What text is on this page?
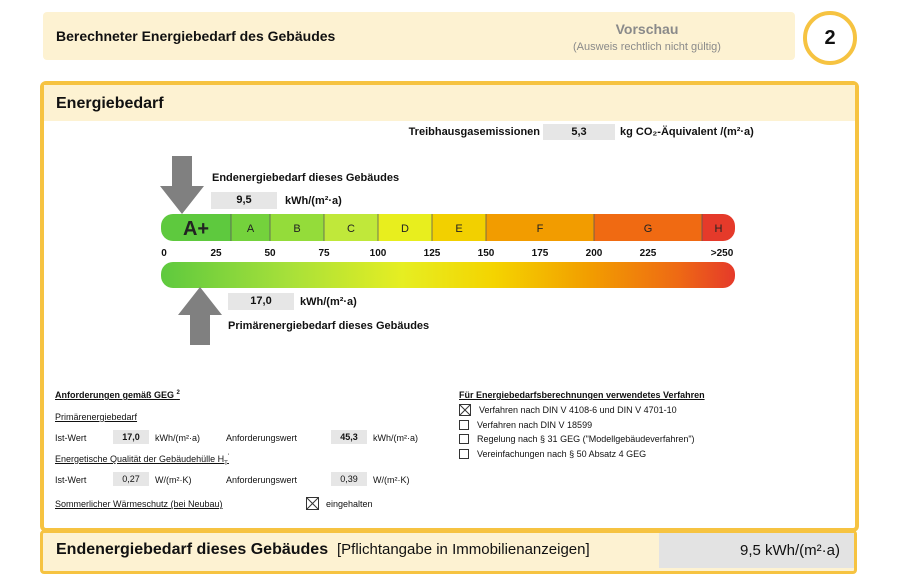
Berechneter Energiebedarf des Gebäudes	Vorschau
(Ausweis rechtlich nicht gültig)	2
Energiebedarf
Treibhausgasemissionen	5,3	kg CO₂-Äquivalent /(m²·a)
Endenergiebedarf dieses Gebäudes
9,5	kWh/(m²·a)
A+	A	B	C	D	E	F	G	H
0	25	50	75	100	125	150	175	200	225	>250
17,0	kWh/(m²·a)
Primärenergiebedarf dieses Gebäudes
Anforderungen gemäß GEG $^2$
Primärenergiebedarf
Ist-Wert	17,0	kWh/(m²·a)	Anforderungswert	45,3	kWh/(m²·a)
Energetische Qualität der Gebäudehülle $H_T'$
Ist-Wert	0,27	W/(m²·K)	Anforderungswert	0,39	W/(m²·K)
Sommerlicher Wärmeschutz (bei Neubau)	eingehalten
Für Energiebedarfsberechnungen verwendetes Verfahren
Verfahren nach DIN V 4108-6 und DIN V 4701-10
Verfahren nach DIN V 18599
Regelung nach § 31 GEG ("Modellgebäudeverfahren")
Vereinfachungen nach § 50 Absatz 4 GEG
Endenergiebedarf dieses Gebäudes [Pflichtangabe in Immobilienanzeigen]	9,5 kWh/(m²·a)
